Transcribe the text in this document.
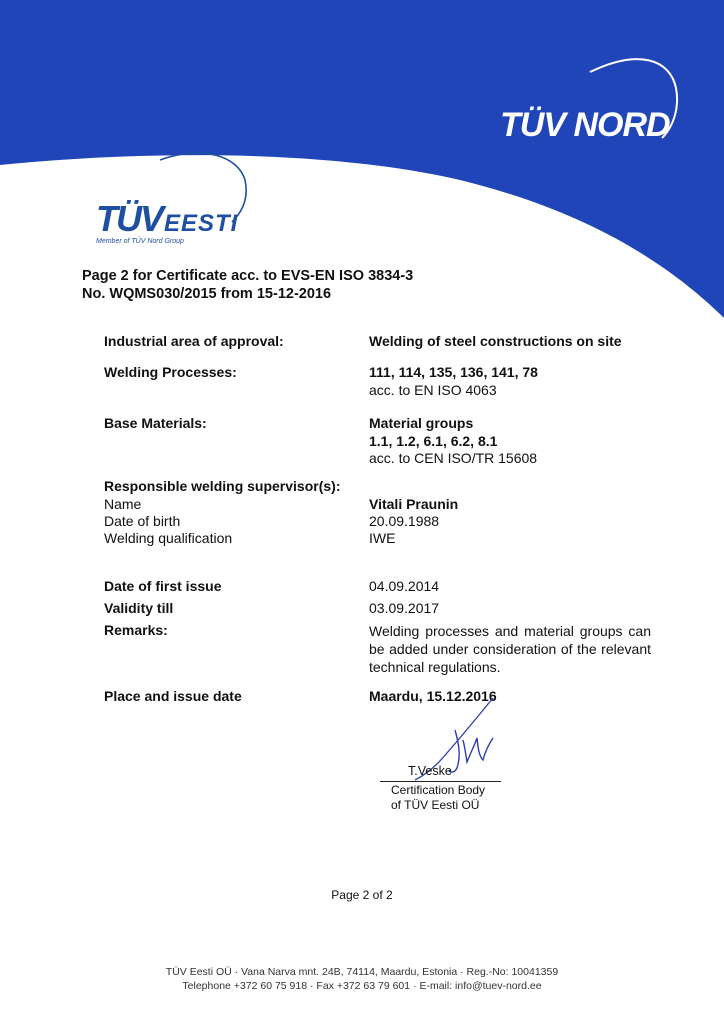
TÜV NORD
TÜVEESTI
Member of TÜV Nord Group
Page 2 for Certificate acc. to EVS-EN ISO 3834-3
No. WQMS030/2015 from 15-12-2016
Industrial area of approval:	Welding of steel constructions on site
Welding Processes:	111, 114, 135, 136, 141, 78
acc. to EN ISO 4063
Base Materials:	Material groups
1.1, 1.2, 6.1, 6.2, 8.1
acc. to CEN ISO/TR 15608
Responsible welding supervisor(s):
Name	Vitali Praunin
Date of birth	20.09.1988
Welding qualification	IWE
Date of first issue	04.09.2014
Validity till	03.09.2017
Remarks:	Welding processes and material groups can be added under consideration of the relevant technical regulations.
Place and issue date	Maardu, 15.12.2016
T.Veske
Certification Body
of TÜV Eesti OÜ
Page 2 of 2
TÜV Eesti OÜ · Vana Narva mnt. 24B, 74114, Maardu, Estonia · Reg.-No: 10041359
Telephone +372 60 75 918 · Fax +372 63 79 601 · E-mail: info@tuev-nord.ee
